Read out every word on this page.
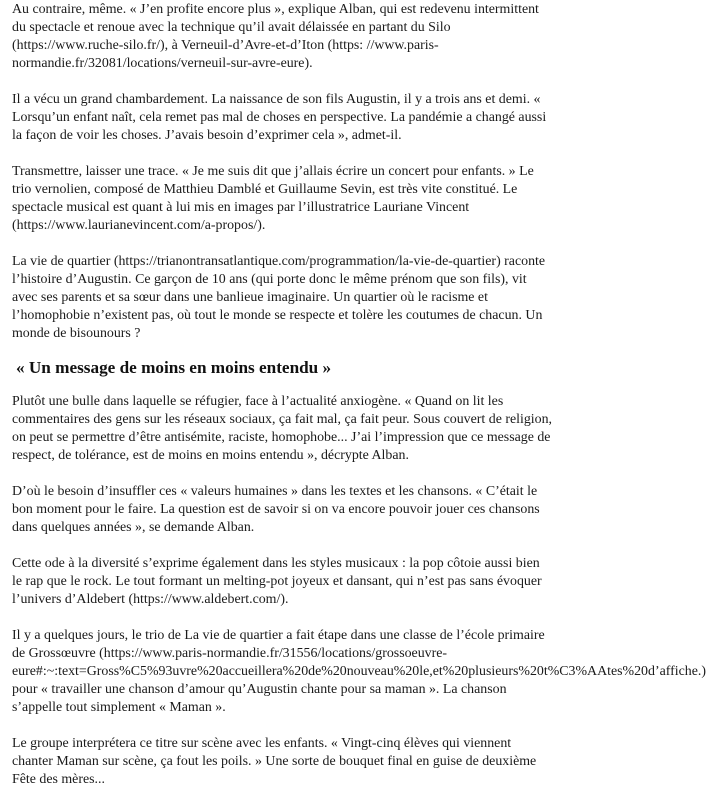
Au contraire, même. « J’en profite encore plus », explique Alban, qui est redevenu intermittent du spectacle et renoue avec la technique qu’il avait délaissée en partant du Silo (https://www.ruche-silo.fr/), à Verneuil-d’Avre-et-d’Iton (https: //www.paris-normandie.fr/32081/locations/verneuil-sur-avre-eure).

Il a vécu un grand chambardement. La naissance de son fils Augustin, il y a trois ans et demi. « Lorsqu’un enfant naît, cela remet pas mal de choses en perspective. La pandémie a changé aussi la façon de voir les choses. J’avais besoin d’exprimer cela », admet-il.

Transmettre, laisser une trace. « Je me suis dit que j’allais écrire un concert pour enfants. » Le trio vernolien, composé de Matthieu Damblé et Guillaume Sevin, est très vite constitué. Le spectacle musical est quant à lui mis en images par l’illustratrice Lauriane Vincent (https://www.laurianevincent.com/a-propos/).

La vie de quartier (https://trianontransatlantique.com/programmation/la-vie-de-quartier) raconte l’histoire d’Augustin. Ce garçon de 10 ans (qui porte donc le même prénom que son fils), vit avec ses parents et sa sœur dans une banlieue imaginaire. Un quartier où le racisme et l’homophobie n’existent pas, où tout le monde se respecte et tolère les coutumes de chacun. Un monde de bisounours ?

« Un message de moins en moins entendu »

Plutôt une bulle dans laquelle se réfugier, face à l’actualité anxiogène. « Quand on lit les commentaires des gens sur les réseaux sociaux, ça fait mal, ça fait peur. Sous couvert de religion, on peut se permettre d’être antisémite, raciste, homophobe... J’ai l’impression que ce message de respect, de tolérance, est de moins en moins entendu », décrypte Alban.

D’où le besoin d’insuffler ces « valeurs humaines » dans les textes et les chansons. « C’était le bon moment pour le faire. La question est de savoir si on va encore pouvoir jouer ces chansons dans quelques années », se demande Alban.

Cette ode à la diversité s’exprime également dans les styles musicaux : la pop côtoie aussi bien le rap que le rock. Le tout formant un melting-pot joyeux et dansant, qui n’est pas sans évoquer l’univers d’Aldebert (https://www.aldebert.com/).

Il y a quelques jours, le trio de La vie de quartier a fait étape dans une classe de l’école primaire de Grossœuvre (https://www.paris-normandie.fr/31556/locations/grossoeuvre-eure#:~:text=Gross%C5%93uvre%20accueillera%20de%20nouveau%20le,et%20plusieurs%20t%C3%AAtes%20d’affiche.) pour « travailler une chanson d’amour qu’Augustin chante pour sa maman ». La chanson s’appelle tout simplement « Maman ».

Le groupe interprétera ce titre sur scène avec les enfants. « Vingt-cinq élèves qui viennent chanter Maman sur scène, ça fout les poils. » Une sorte de bouquet final en guise de deuxième Fête des mères...
